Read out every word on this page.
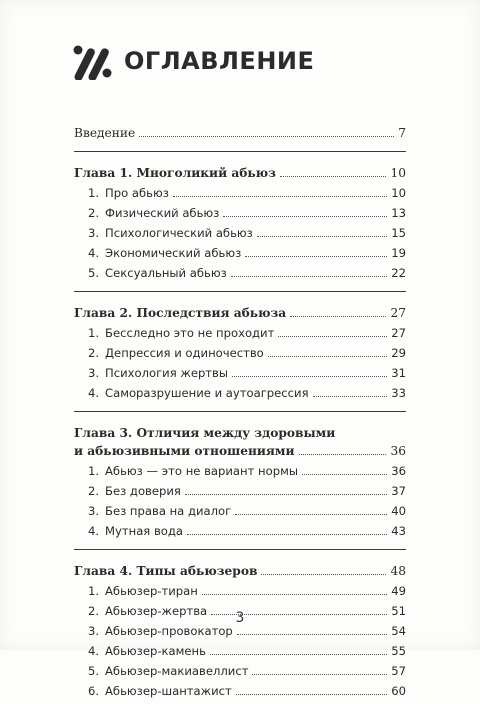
ОГЛАВЛЕНИЕ
Введение	7
Глава 1. Многоликий абьюз	10
1. Про абьюз	10
2. Физический абьюз	13
3. Психологический абьюз	15
4. Экономический абьюз	19
5. Сексуальный абьюз	22
Глава 2. Последствия абьюза	27
1. Бесследно это не проходит	27
2. Депрессия и одиночество	29
3. Психология жертвы	31
4. Саморазрушение и аутоагрессия	33
Глава 3. Отличия между здоровыми
и абьюзивными отношениями	36
1. Абьюз — это не вариант нормы	36
2. Без доверия	37
3. Без права на диалог	40
4. Мутная вода	43
Глава 4. Типы абьюзеров	48
1. Абьюзер-тиран	49
2. Абьюзер-жертва	51
3. Абьюзер-провокатор	54
4. Абьюзер-камень	55
5. Абьюзер-макиавеллист	57
6. Абьюзер-шантажист	60
3
